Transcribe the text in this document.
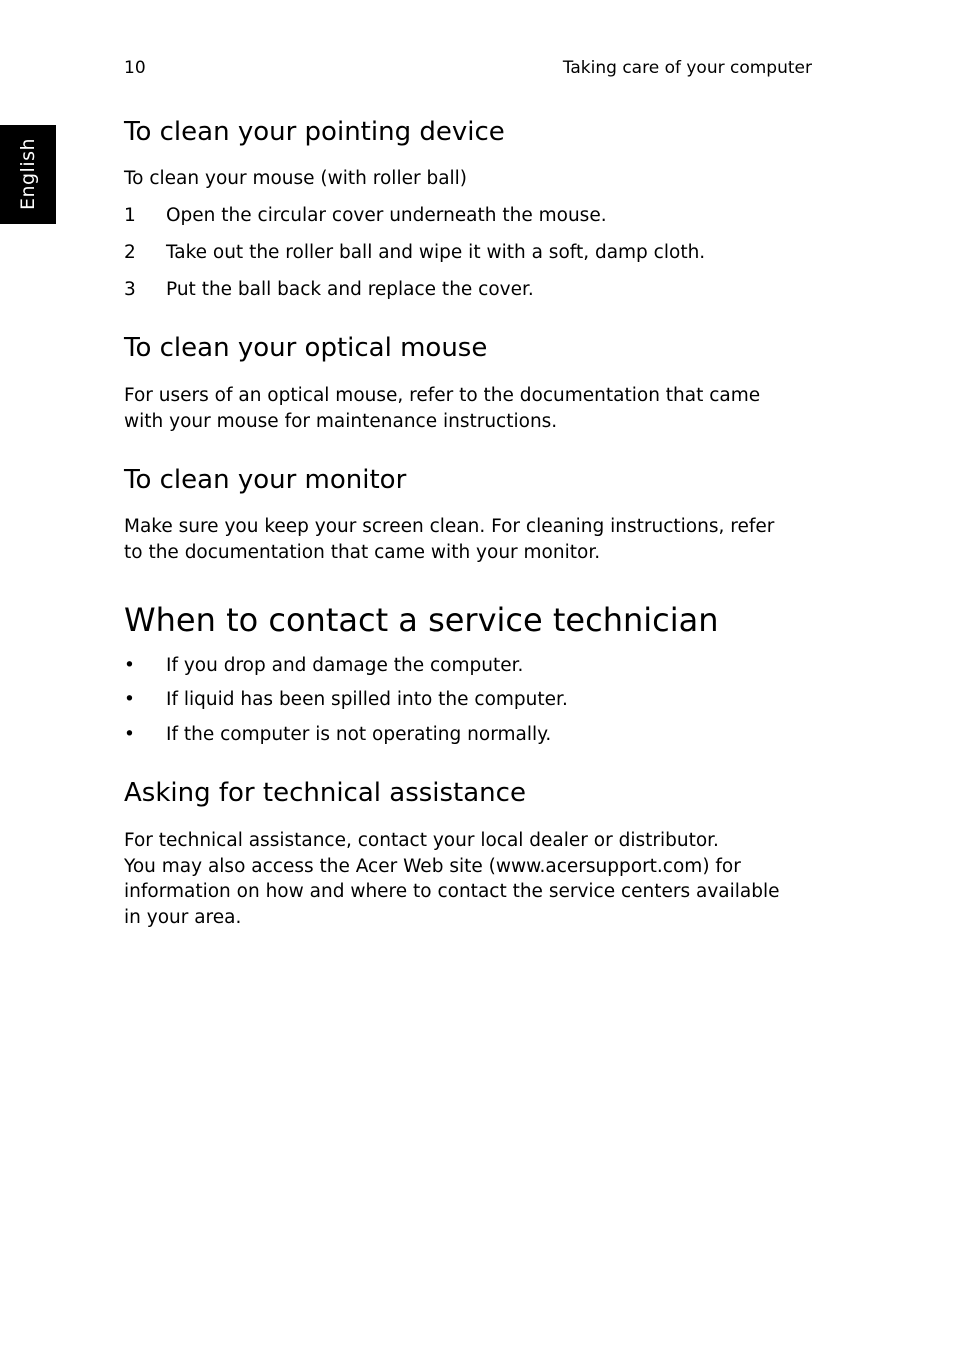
10	Taking care of your computer
English
To clean your pointing device

To clean your mouse (with roller ball)

1 Open the circular cover underneath the mouse.
2 Take out the roller ball and wipe it with a soft, damp cloth.
3 Put the ball back and replace the cover.
To clean your optical mouse

For users of an optical mouse, refer to the documentation that came
with your mouse for maintenance instructions.

To clean your monitor

Make sure you keep your screen clean. For cleaning instructions, refer
to the documentation that came with your monitor.

When to contact a service technician
• If you drop and damage the computer.
• If liquid has been spilled into the computer.
• If the computer is not operating normally.
Asking for technical assistance

For technical assistance, contact your local dealer or distributor.
You may also access the Acer Web site (www.acersupport.com) for
information on how and where to contact the service centers available
in your area.
